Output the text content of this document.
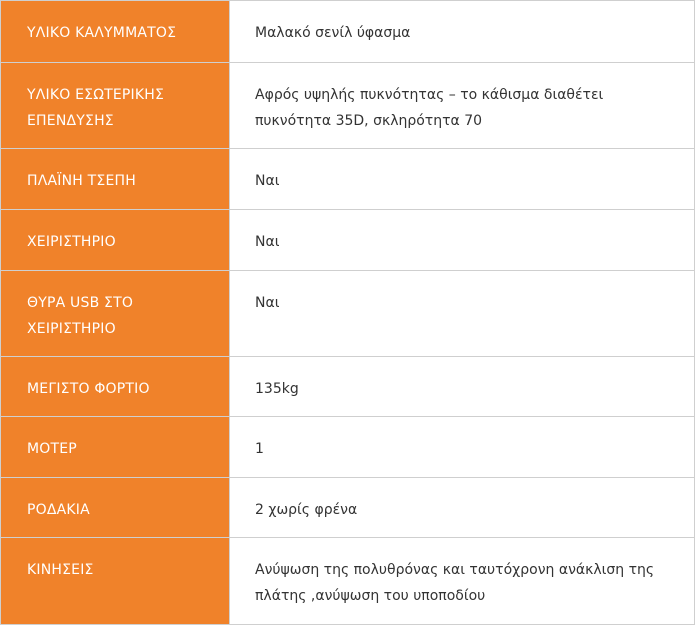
ΥΛΙΚΟ ΚΑΛΥΜΜΑΤΟΣ	Μαλακό σενίλ ύφασμα

ΥΛΙΚΟ ΕΣΩΤΕΡΙΚΗΣ ΕΠΕΝΔΥΣΗΣ	Αφρός υψηλής πυκνότητας – το κάθισμα διαθέτει πυκνότητα 35D, σκληρότητα 70

ΠΛΑΪΝΗ ΤΣΕΠΗ	Ναι

ΧΕΙΡΙΣΤΗΡΙΟ	Ναι

ΘΥΡΑ USB ΣΤΟ ΧΕΙΡΙΣΤΗΡΙΟ	Ναι

ΜΕΓΙΣΤΟ ΦΟΡΤΙΟ	135kg

ΜΟΤΕΡ	1

ΡΟΔΑΚΙΑ	2 χωρίς φρένα

ΚΙΝΗΣΕΙΣ	Ανύψωση της πολυθρόνας και ταυτόχρονη ανάκλιση της πλάτης ,ανύψωση του υποποδίου
